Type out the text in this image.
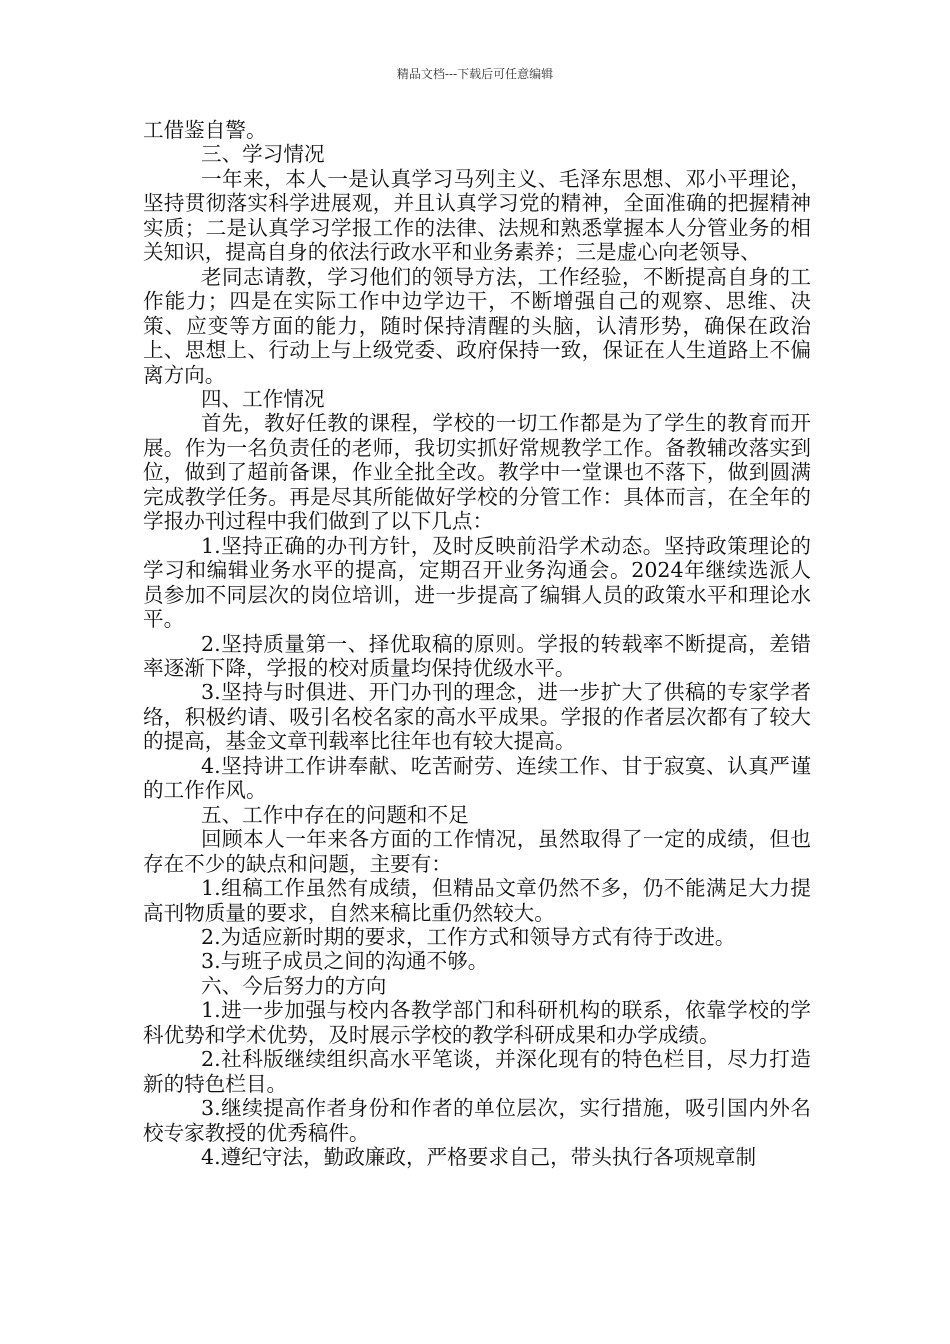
精品文档---下载后可任意编辑

工借鉴自警。

三、学习情况

一年来，本人一是认真学习马列主义、毛泽东思想、邓小平理论，坚持贯彻落实科学进展观，并且认真学习党的精神，全面准确的把握精神实质；二是认真学习学报工作的法律、法规和熟悉掌握本人分管业务的相关知识，提高自身的依法行政水平和业务素养；三是虚心向老领导、

老同志请教，学习他们的领导方法，工作经验，不断提高自身的工作能力；四是在实际工作中边学边干，不断增强自己的观察、思维、决策、应变等方面的能力，随时保持清醒的头脑，认清形势，确保在政治上、思想上、行动上与上级党委、政府保持一致，保证在人生道路上不偏离方向。

四、工作情况

首先，教好任教的课程，学校的一切工作都是为了学生的教育而开展。作为一名负责任的老师，我切实抓好常规教学工作。备教辅改落实到位，做到了超前备课，作业全批全改。教学中一堂课也不落下，做到圆满完成教学任务。再是尽其所能做好学校的分管工作：具体而言，在全年的学报办刊过程中我们做到了以下几点：

1.坚持正确的办刊方针，及时反映前沿学术动态。坚持政策理论的学习和编辑业务水平的提高，定期召开业务沟通会。2024年继续选派人员参加不同层次的岗位培训，进一步提高了编辑人员的政策水平和理论水平。

2.坚持质量第一、择优取稿的原则。学报的转载率不断提高，差错率逐渐下降，学报的校对质量均保持优级水平。

3.坚持与时俱进、开门办刊的理念，进一步扩大了供稿的专家学者络，积极约请、吸引名校名家的高水平成果。学报的作者层次都有了较大的提高，基金文章刊载率比往年也有较大提高。

4.坚持讲工作讲奉献、吃苦耐劳、连续工作、甘于寂寞、认真严谨的工作作风。

五、工作中存在的问题和不足

回顾本人一年来各方面的工作情况，虽然取得了一定的成绩，但也存在不少的缺点和问题，主要有：

1.组稿工作虽然有成绩，但精品文章仍然不多，仍不能满足大力提高刊物质量的要求，自然来稿比重仍然较大。

2.为适应新时期的要求，工作方式和领导方式有待于改进。

3.与班子成员之间的沟通不够。

六、今后努力的方向

1.进一步加强与校内各教学部门和科研机构的联系，依靠学校的学科优势和学术优势，及时展示学校的教学科研成果和办学成绩。

2.社科版继续组织高水平笔谈，并深化现有的特色栏目，尽力打造新的特色栏目。

3.继续提高作者身份和作者的单位层次，实行措施，吸引国内外名校专家教授的优秀稿件。

4.遵纪守法，勤政廉政，严格要求自己，带头执行各项规章制
